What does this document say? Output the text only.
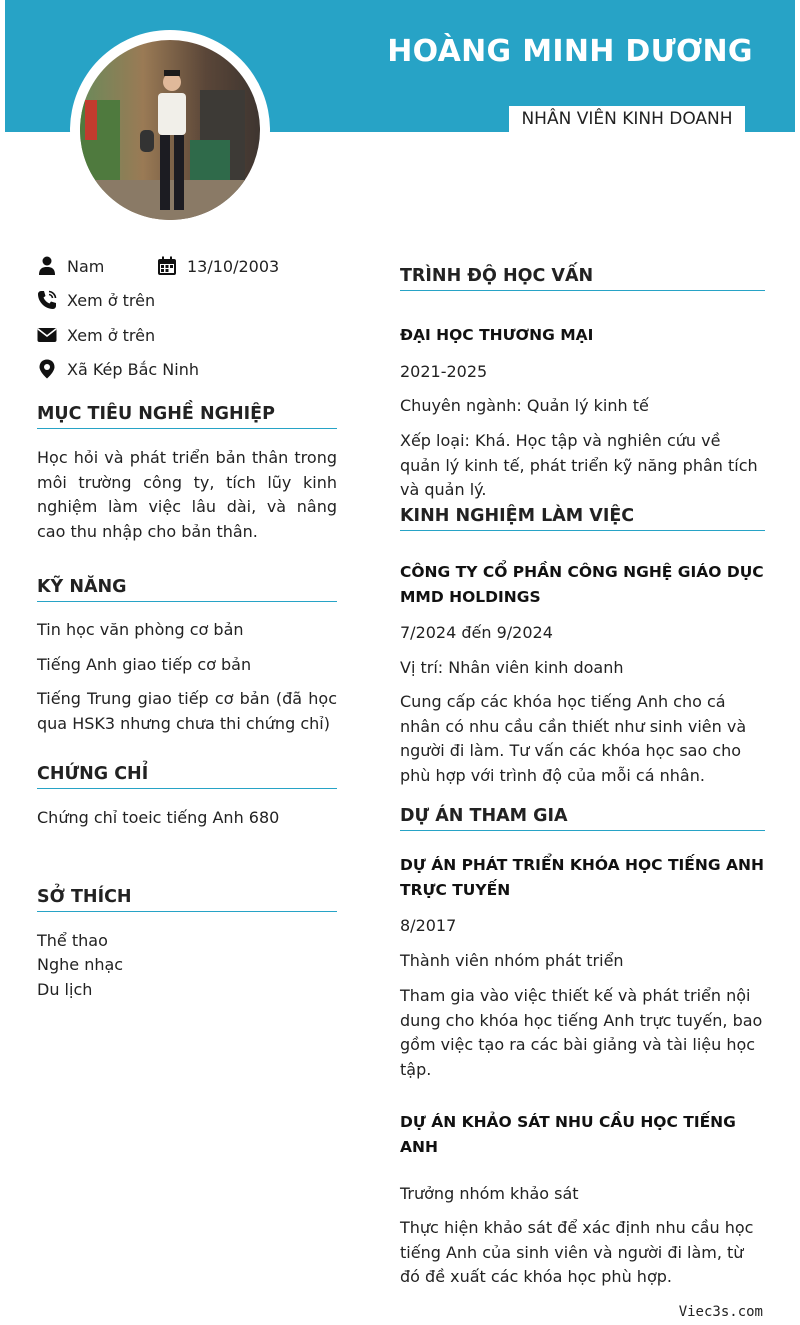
HOÀNG MINH DƯƠNG
NHÂN VIÊN KINH DOANH
Nam	13/10/2003
Xem ở trên
Xem ở trên
Xã Kép Bắc Ninh
MỤC TIÊU NGHỀ NGHIỆP
Học hỏi và phát triển bản thân trong môi trường công ty, tích lũy kinh nghiệm làm việc lâu dài, và nâng cao thu nhập cho bản thân.
KỸ NĂNG
Tin học văn phòng cơ bản
Tiếng Anh giao tiếp cơ bản
Tiếng Trung giao tiếp cơ bản (đã học qua HSK3 nhưng chưa thi chứng chỉ)
CHỨNG CHỈ
Chứng chỉ toeic tiếng Anh 680
SỞ THÍCH
Thể thao
Nghe nhạc
Du lịch
TRÌNH ĐỘ HỌC VẤN
ĐẠI HỌC THƯƠNG MẠI
2021-2025
Chuyên ngành: Quản lý kinh tế
Xếp loại: Khá. Học tập và nghiên cứu về quản lý kinh tế, phát triển kỹ năng phân tích và quản lý.
KINH NGHIỆM LÀM VIỆC
CÔNG TY CỔ PHẦN CÔNG NGHỆ GIÁO DỤC MMD HOLDINGS
7/2024 đến 9/2024
Vị trí: Nhân viên kinh doanh
Cung cấp các khóa học tiếng Anh cho cá nhân có nhu cầu cần thiết như sinh viên và người đi làm. Tư vấn các khóa học sao cho phù hợp với trình độ của mỗi cá nhân.
DỰ ÁN THAM GIA
DỰ ÁN PHÁT TRIỂN KHÓA HỌC TIẾNG ANH TRỰC TUYẾN
8/2017
Thành viên nhóm phát triển
Tham gia vào việc thiết kế và phát triển nội dung cho khóa học tiếng Anh trực tuyến, bao gồm việc tạo ra các bài giảng và tài liệu học tập.
DỰ ÁN KHẢO SÁT NHU CẦU HỌC TIẾNG ANH
Trưởng nhóm khảo sát
Thực hiện khảo sát để xác định nhu cầu học tiếng Anh của sinh viên và người đi làm, từ đó đề xuất các khóa học phù hợp.
Viec3s.com
